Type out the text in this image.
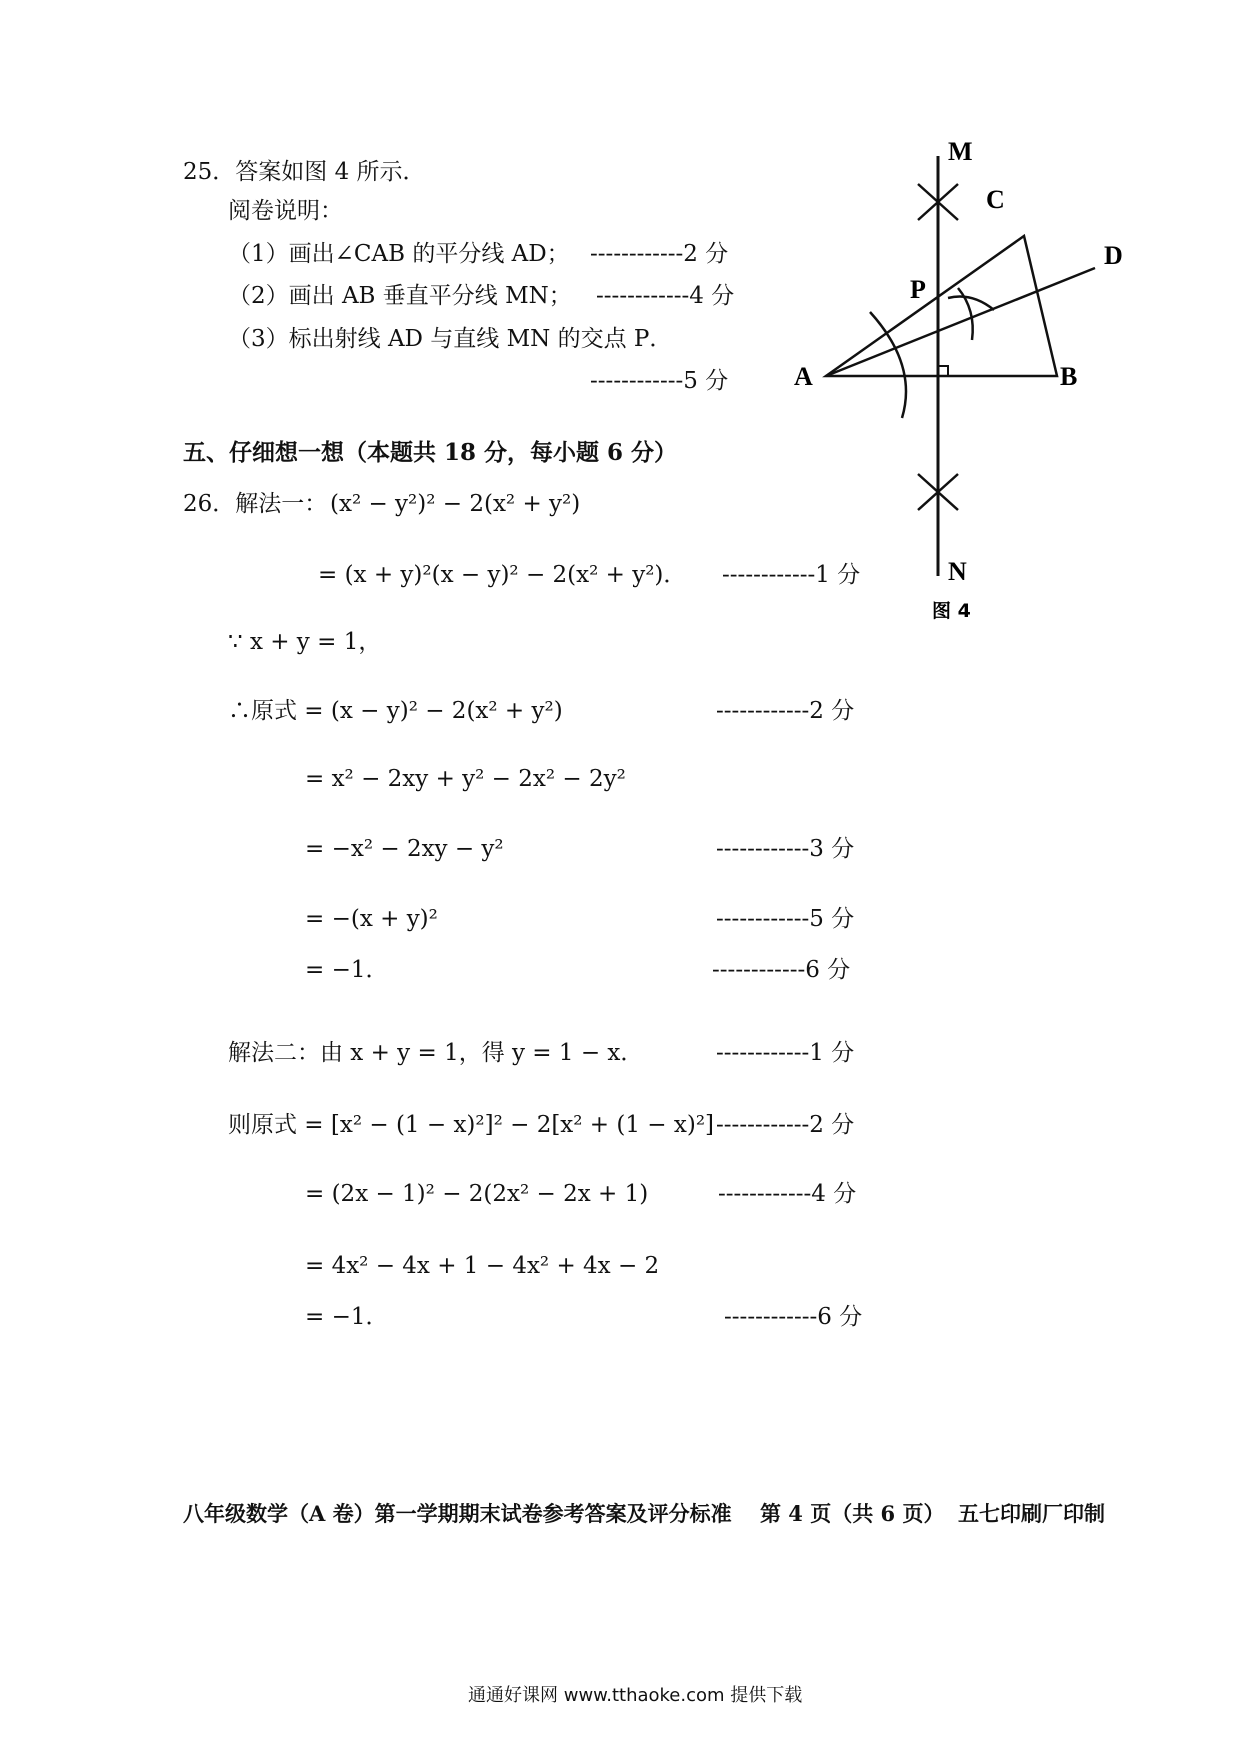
25．答案如图 4 所示．
阅卷说明：
（1）画出∠CAB 的平分线 AD； ------------2 分
（2）画出 AB 垂直平分线 MN； ------------4 分
（3）标出射线 AD 与直线 MN 的交点 P．
------------5 分
M
C
D
P
A	B
N
图 4
五、仔细想一想（本题共 18 分，每小题 6 分）
26．解法一： (x² − y²)² − 2(x² + y²)
= (x + y)²(x − y)² − 2(x² + y²)． ------------1 分
∵ x + y = 1，
∴原式 = (x − y)² − 2(x² + y²)	------------2 分
= x² − 2xy + y² − 2x² − 2y²
= −x² − 2xy − y²	------------3 分
= −(x + y)²	------------5 分
= −1．	------------6 分
解法二：由 x + y = 1，得 y = 1 − x．	------------1 分
则原式 = [x² − (1 − x)²]² − 2[x² + (1 − x)²] ------------2 分
= (2x − 1)² − 2(2x² − 2x + 1)	------------4 分
= 4x² − 4x + 1 − 4x² + 4x − 2
= −1．	------------6 分
八年级数学（A 卷）第一学期期末试卷参考答案及评分标准 第 4 页（共 6 页） 五七印刷厂印制
通通好课网 www.tthaoke.com 提供下载
